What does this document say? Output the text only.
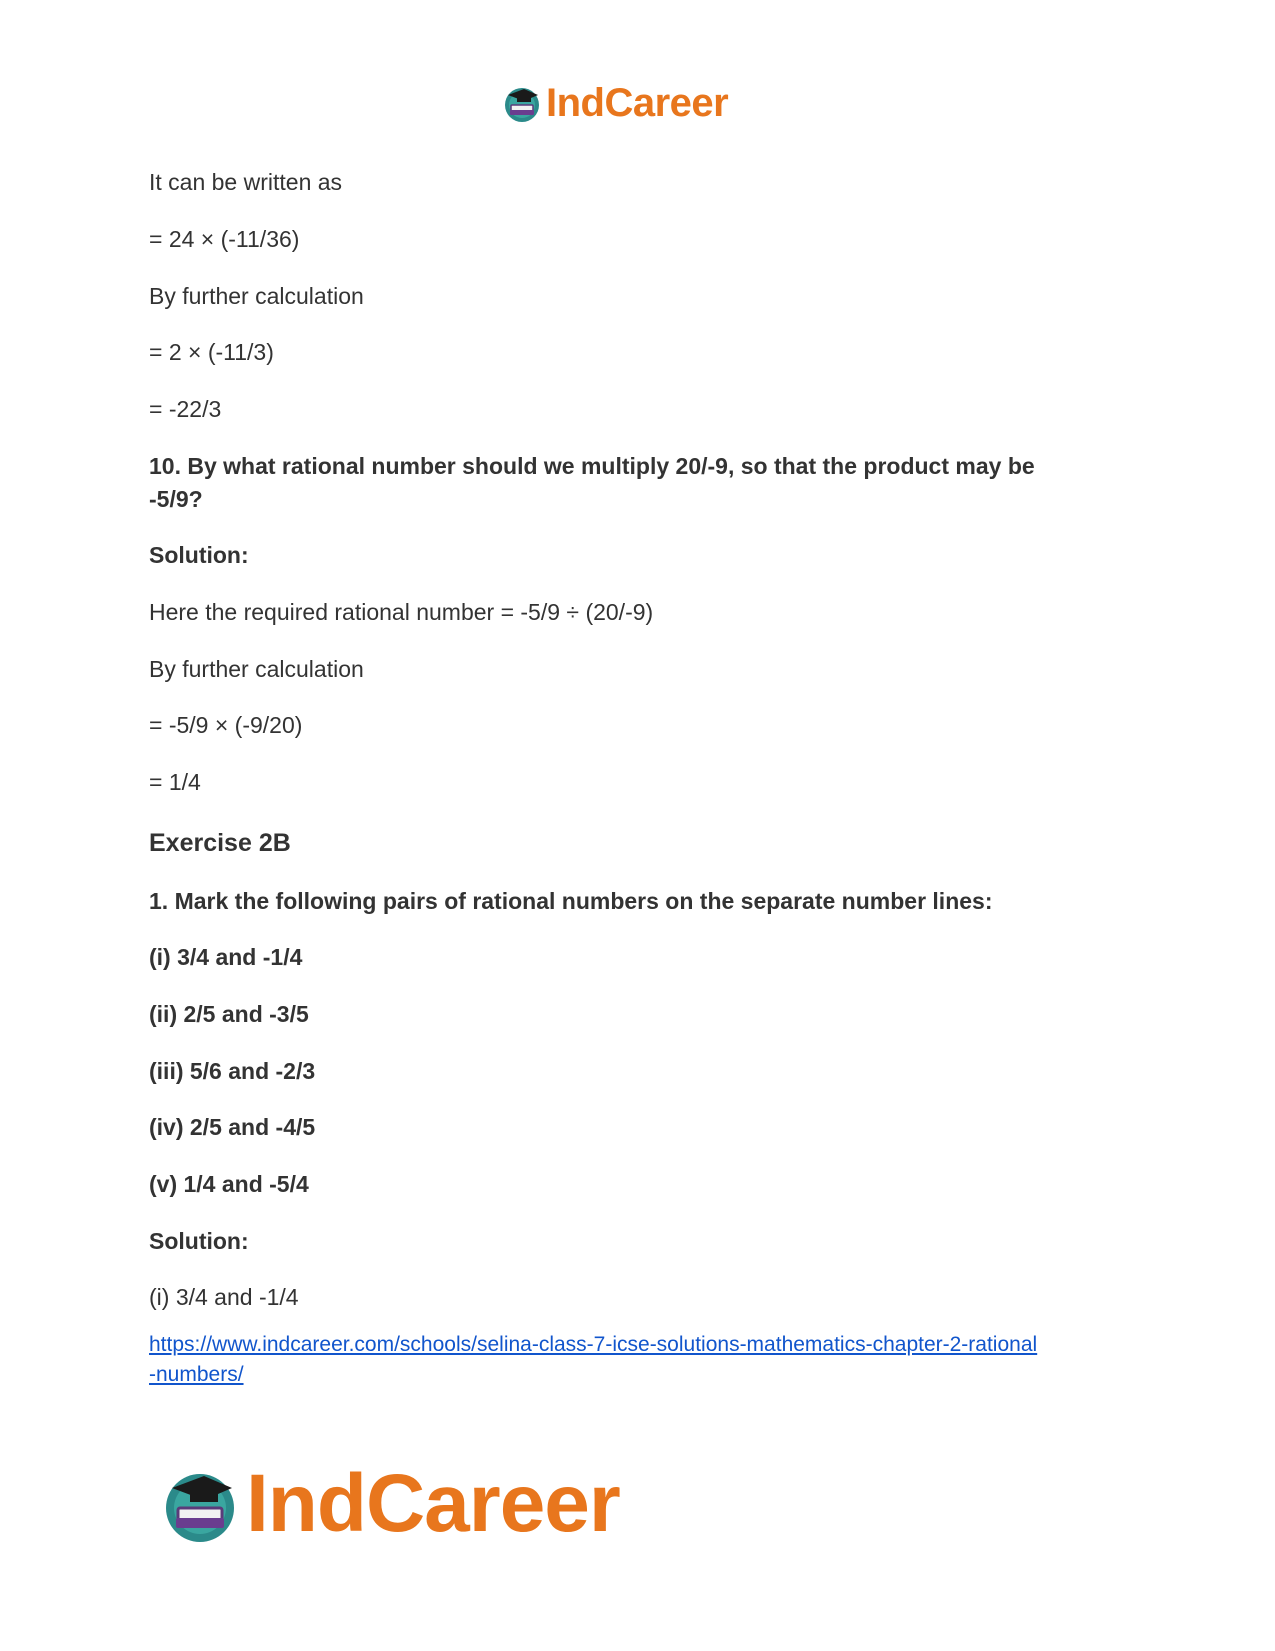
IndCareer
It can be written as
= 24 × (-11/36)
By further calculation
= 2 × (-11/3)
= -22/3
10. By what rational number should we multiply 20/-9, so that the product may be
-5/9?
Solution:
Here the required rational number = -5/9 ÷ (20/-9)
By further calculation
= -5/9 × (-9/20)
= 1/4
Exercise 2B
1. Mark the following pairs of rational numbers on the separate number lines:
(i) 3/4 and -1/4
(ii) 2/5 and -3/5
(iii) 5/6 and -2/3
(iv) 2/5 and -4/5
(v) 1/4 and -5/4
Solution:
(i) 3/4 and -1/4
https://www.indcareer.com/schools/selina-class-7-icse-solutions-mathematics-chapter-2-rational
-numbers/
IndCareer
